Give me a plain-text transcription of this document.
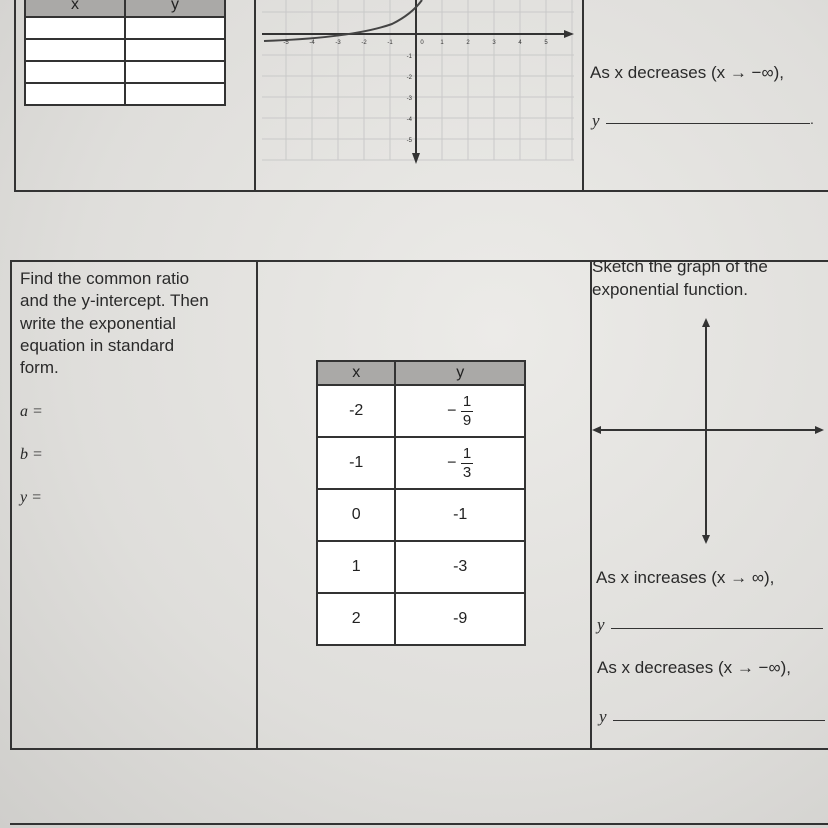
x	y

-5	-4	-3	-2	-1	0	1	2	3	4	5
-1
-2
-3
-4
-5
As x decreases (x → −∞),
y	.
Find the common ratio
and the y-intercept. Then
write the exponential
equation in standard
form.
a =
b =
y =
x	y
-2	− $\frac{1}{9}$

-1	− $\frac{1}{3}$

0	-1
1	-3
2	-9
Sketch the graph of the
exponential function.
As x increases (x → ∞),
y
As x decreases (x → −∞),
y
